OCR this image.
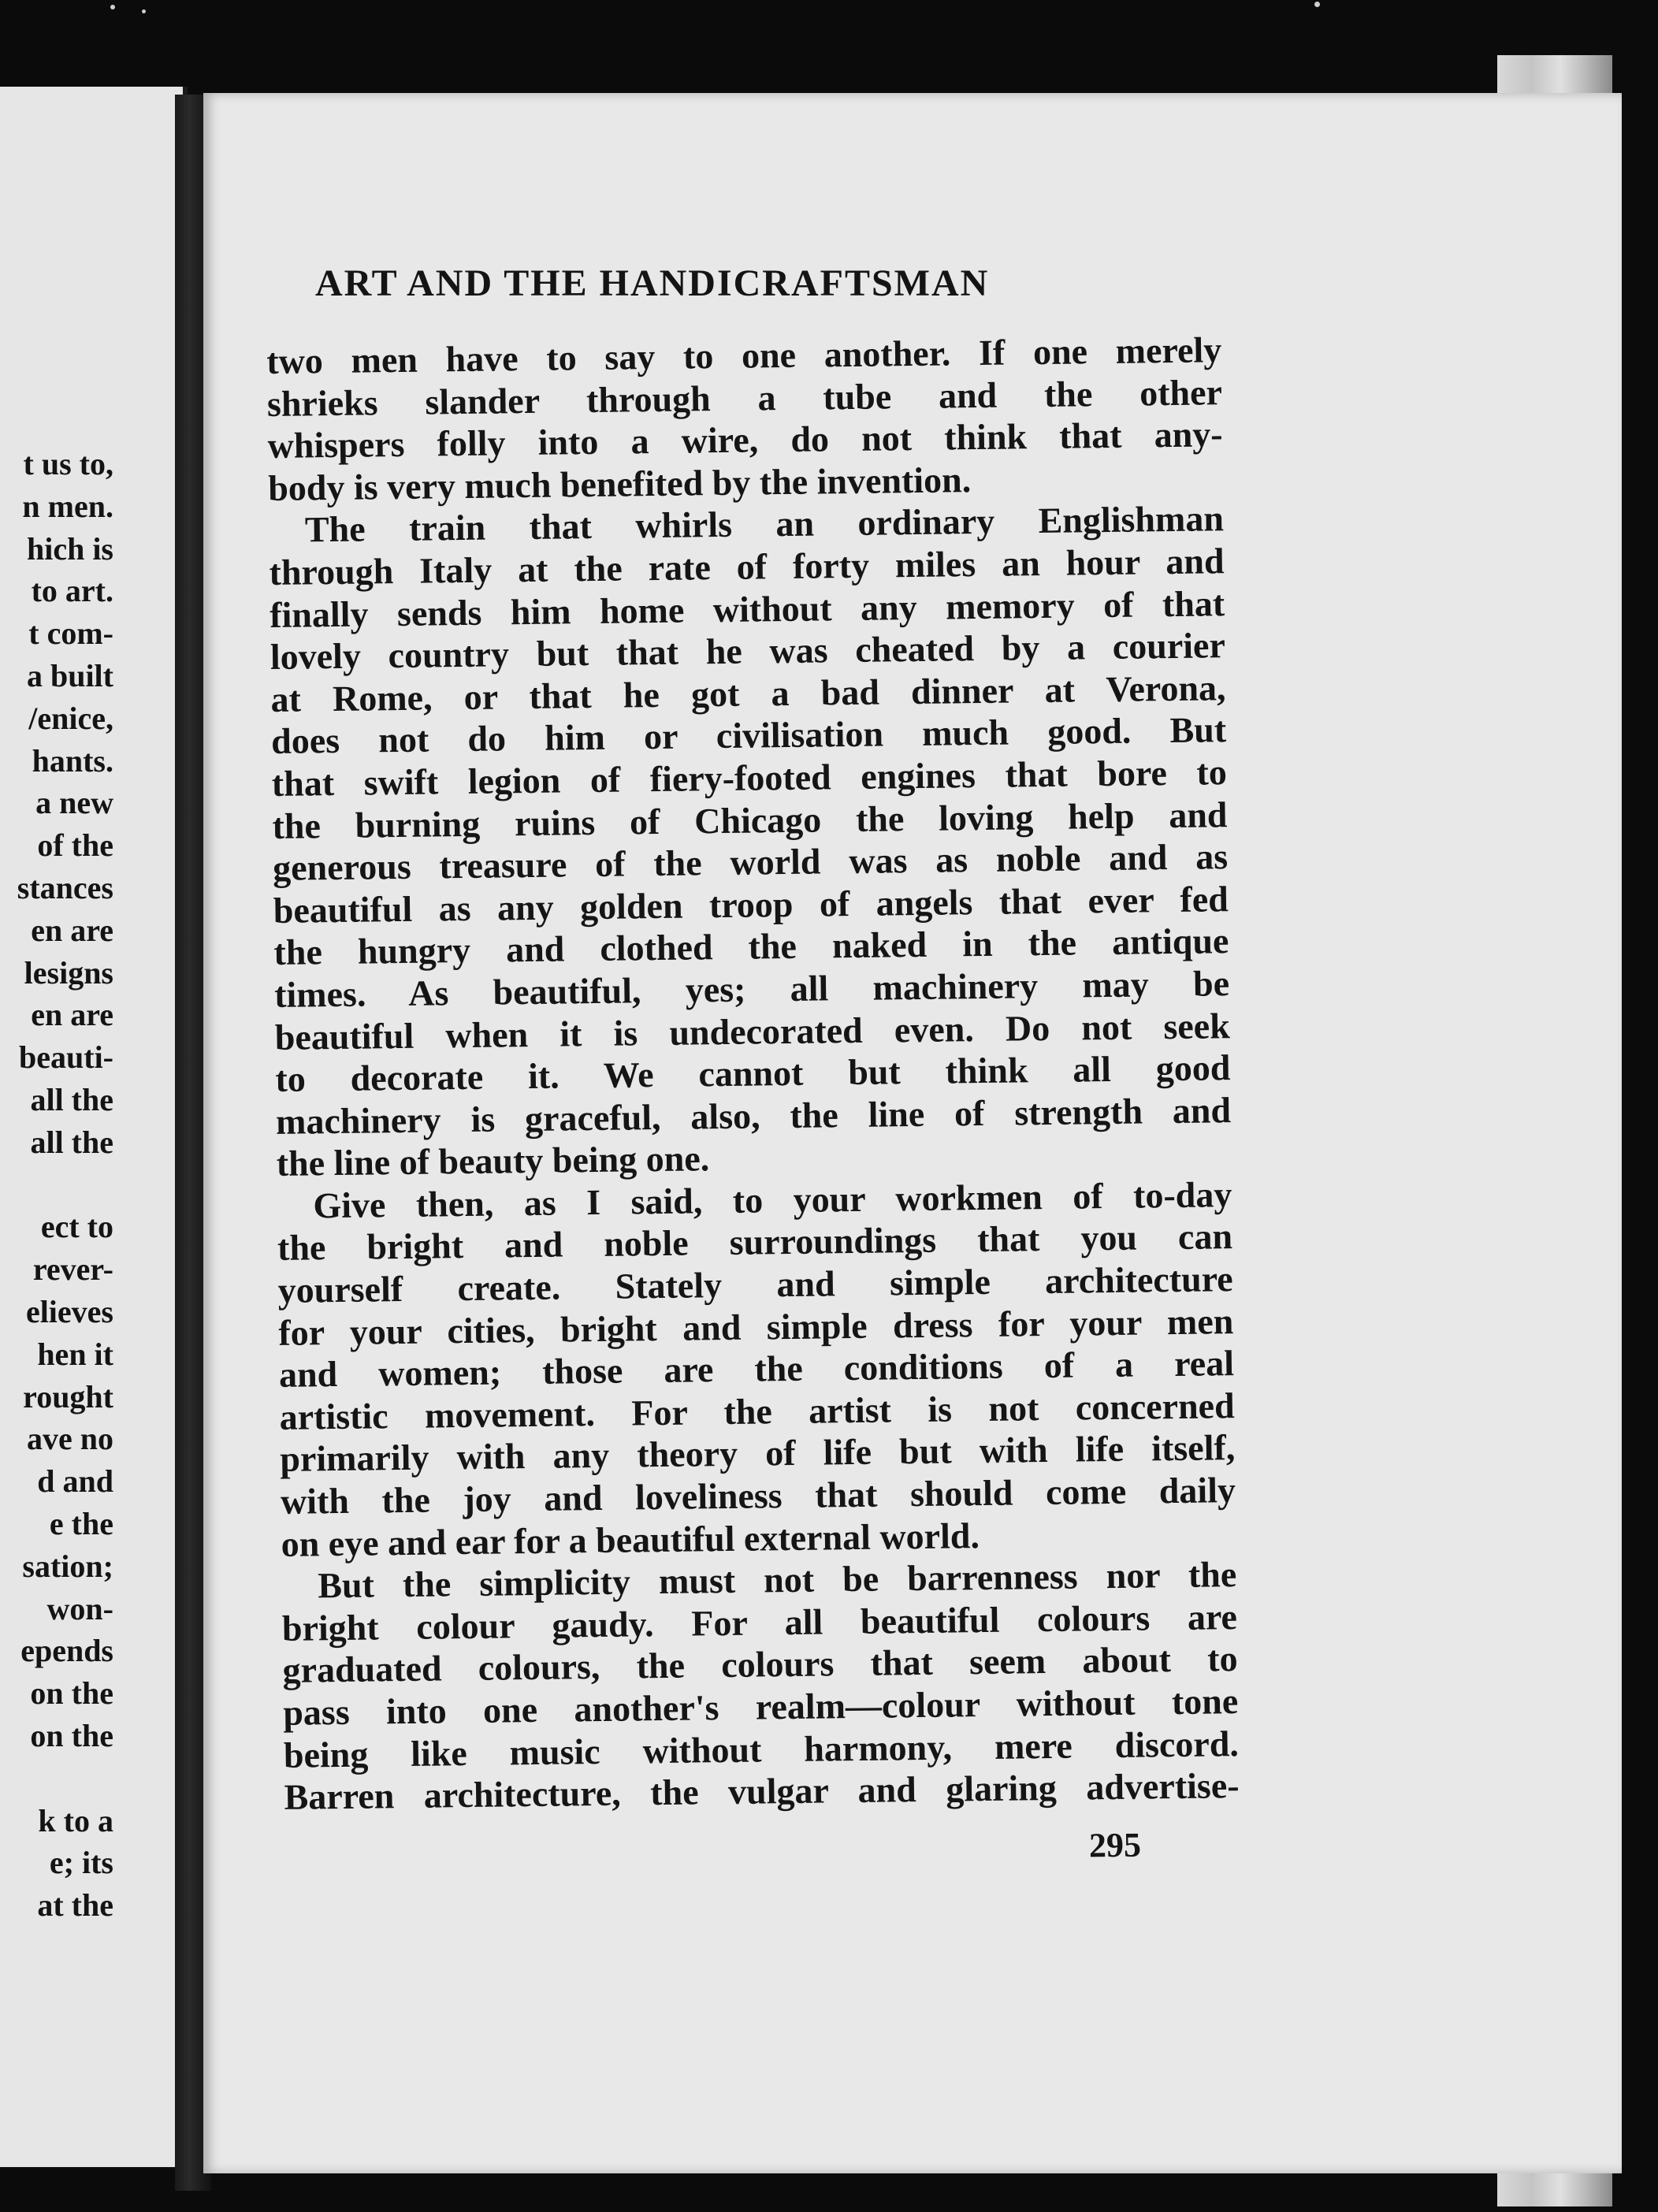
t us to,
n men.
hich is
to art.
t com-
a built
/enice,
hants.
a new
of the
stances
en are
lesigns
en are
beauti-
all the
all the
ect to
rever-
elieves
hen it
rought
ave no
d and
e the
sation;
won-
epends
on the
on the
k to a
e; its
at the
ART AND THE HANDICRAFTSMAN
two men have to say to one another. If one merely
shrieks slander through a tube and the other
whispers folly into a wire, do not think that any-
body is very much benefited by the invention.
The train that whirls an ordinary Englishman
through Italy at the rate of forty miles an hour and
finally sends him home without any memory of that
lovely country but that he was cheated by a courier
at Rome, or that he got a bad dinner at Verona,
does not do him or civilisation much good. But
that swift legion of fiery-footed engines that bore to
the burning ruins of Chicago the loving help and
generous treasure of the world was as noble and as
beautiful as any golden troop of angels that ever fed
the hungry and clothed the naked in the antique
times. As beautiful, yes; all machinery may be
beautiful when it is undecorated even. Do not seek
to decorate it. We cannot but think all good
machinery is graceful, also, the line of strength and
the line of beauty being one.
Give then, as I said, to your workmen of to-day
the bright and noble surroundings that you can
yourself create. Stately and simple architecture
for your cities, bright and simple dress for your men
and women; those are the conditions of a real
artistic movement. For the artist is not concerned
primarily with any theory of life but with life itself,
with the joy and loveliness that should come daily
on eye and ear for a beautiful external world.
But the simplicity must not be barrenness nor the
bright colour gaudy. For all beautiful colours are
graduated colours, the colours that seem about to
pass into one another's realm—colour without tone
being like music without harmony, mere discord.
Barren architecture, the vulgar and glaring advertise-
295
